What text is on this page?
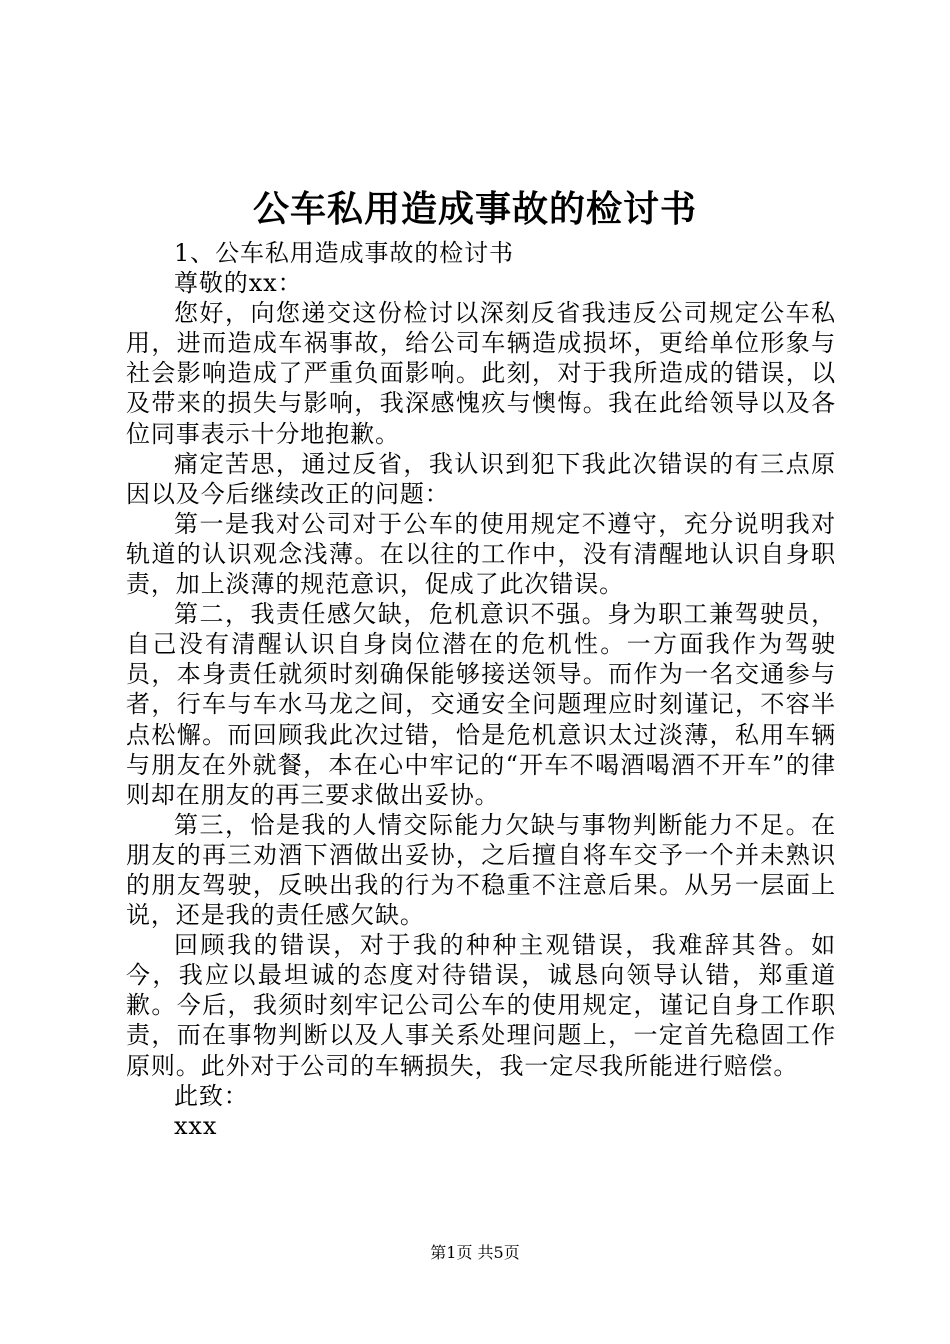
公车私用造成事故的检讨书

1、公车私用造成事故的检讨书

尊敬的xx：

您好，向您递交这份检讨以深刻反省我违反公司规定公车私用，进而造成车祸事故，给公司车辆造成损坏，更给单位形象与社会影响造成了严重负面影响。此刻，对于我所造成的错误，以及带来的损失与影响，我深感愧疚与懊悔。我在此给领导以及各位同事表示十分地抱歉。

痛定苦思，通过反省，我认识到犯下我此次错误的有三点原因以及今后继续改正的问题：

第一是我对公司对于公车的使用规定不遵守，充分说明我对轨道的认识观念浅薄。在以往的工作中，没有清醒地认识自身职责，加上淡薄的规范意识，促成了此次错误。

第二，我责任感欠缺，危机意识不强。身为职工兼驾驶员，自己没有清醒认识自身岗位潜在的危机性。一方面我作为驾驶员，本身责任就须时刻确保能够接送领导。而作为一名交通参与者，行车与车水马龙之间，交通安全问题理应时刻谨记，不容半点松懈。而回顾我此次过错，恰是危机意识太过淡薄，私用车辆与朋友在外就餐，本在心中牢记的“开车不喝酒喝酒不开车”的律则却在朋友的再三要求做出妥协。

第三，恰是我的人情交际能力欠缺与事物判断能力不足。在朋友的再三劝酒下酒做出妥协，之后擅自将车交予一个并未熟识的朋友驾驶，反映出我的行为不稳重不注意后果。从另一层面上说，还是我的责任感欠缺。

回顾我的错误，对于我的种种主观错误，我难辞其咎。如今，我应以最坦诚的态度对待错误，诚恳向领导认错，郑重道歉。今后，我须时刻牢记公司公车的使用规定，谨记自身工作职责，而在事物判断以及人事关系处理问题上，一定首先稳固工作原则。此外对于公司的车辆损失，我一定尽我所能进行赔偿。

此致：

xxx

第1页 共5页
